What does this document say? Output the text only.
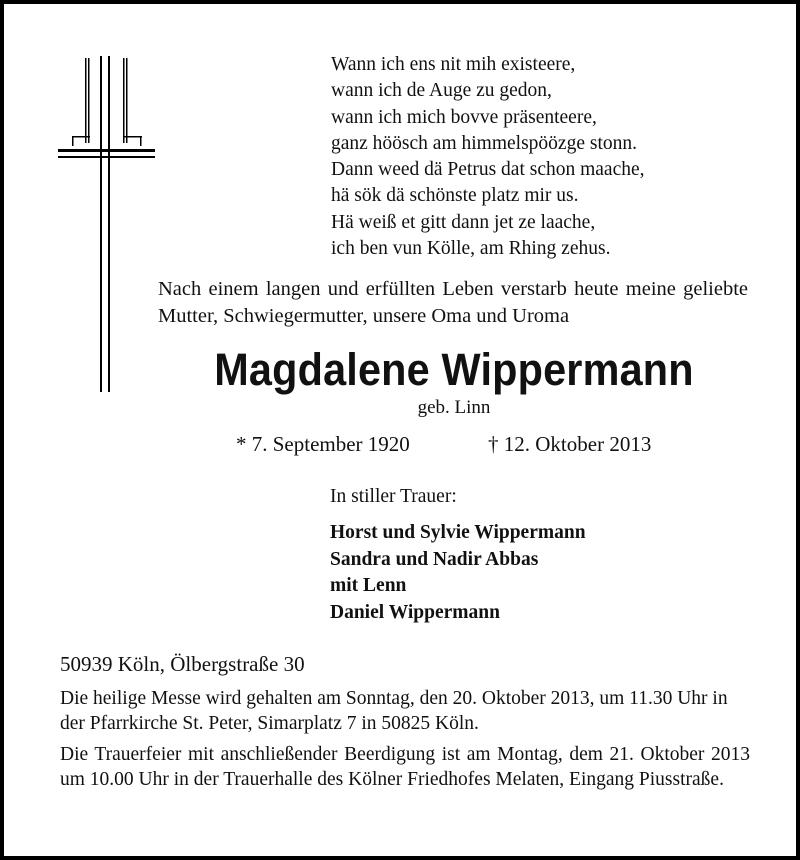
Wann ich ens nit mih existeere,
wann ich de Auge zu gedon,
wann ich mich bovve präsenteere,
ganz höösch am himmelspöözge stonn.
Dann weed dä Petrus dat schon maache,
hä sök dä schönste platz mir us.
Hä weiß et gitt dann jet ze laache,
ich ben vun Kölle, am Rhing zehus.
Nach einem langen und erfüllten Leben verstarb heute meine geliebte Mutter, Schwiegermutter, unsere Oma und Uroma
Magdalene Wippermann
geb. Linn
* 7. September 1920	† 12. Oktober 2013
In stiller Trauer:
Horst und Sylvie Wippermann
Sandra und Nadir Abbas
mit Lenn
Daniel Wippermann
50939 Köln, Ölbergstraße 30

Die heilige Messe wird gehalten am Sonntag, den 20. Oktober 2013, um 11.30 Uhr in der Pfarrkirche St. Peter, Simarplatz 7 in 50825 Köln.

Die Trauerfeier mit anschließender Beerdigung ist am Montag, dem 21. Oktober 2013 um 10.00 Uhr in der Trauerhalle des Kölner Friedhofes Melaten, Eingang Piusstraße.
